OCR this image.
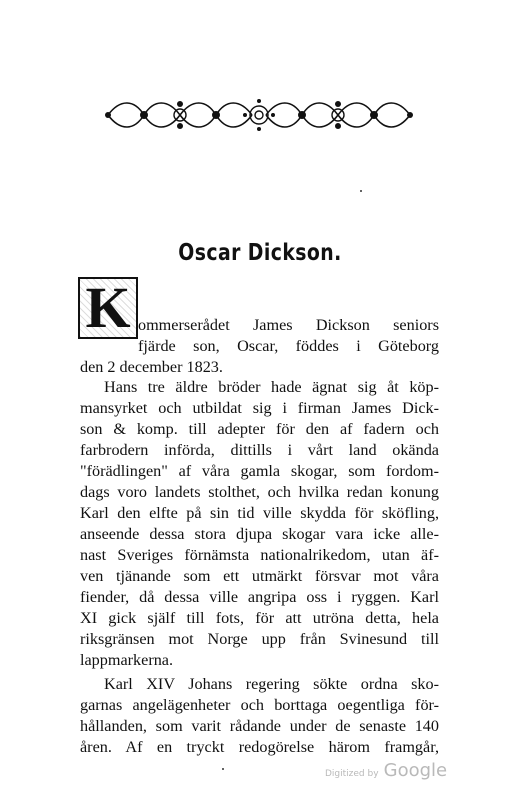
Oscar Dickson.
K ommerserådet James Dickson seniors
fjärde son, Oscar, föddes i Göteborg
den 2 december 1823.
Hans tre äldre bröder hade ägnat sig åt köp-
mansyrket och utbildat sig i firman James Dick-
son & komp. till adepter för den af fadern och
farbrodern införda, dittills i vårt land okända
"förädlingen" af våra gamla skogar, som fordom-
dags voro landets stolthet, och hvilka redan konung
Karl den elfte på sin tid ville skydda för sköfling,
anseende dessa stora djupa skogar vara icke alle-
nast Sveriges förnämsta nationalrikedom, utan äf-
ven tjänande som ett utmärkt försvar mot våra
fiender, då dessa ville angripa oss i ryggen. Karl
XI gick själf till fots, för att utröna detta, hela
riksgränsen mot Norge upp från Svinesund till
lappmarkerna.
Karl XIV Johans regering sökte ordna sko-
garnas angelägenheter och borttaga oegentliga för-
hållanden, som varit rådande under de senaste 140
åren. Af en tryckt redogörelse härom framgår,
Digitized by Google
